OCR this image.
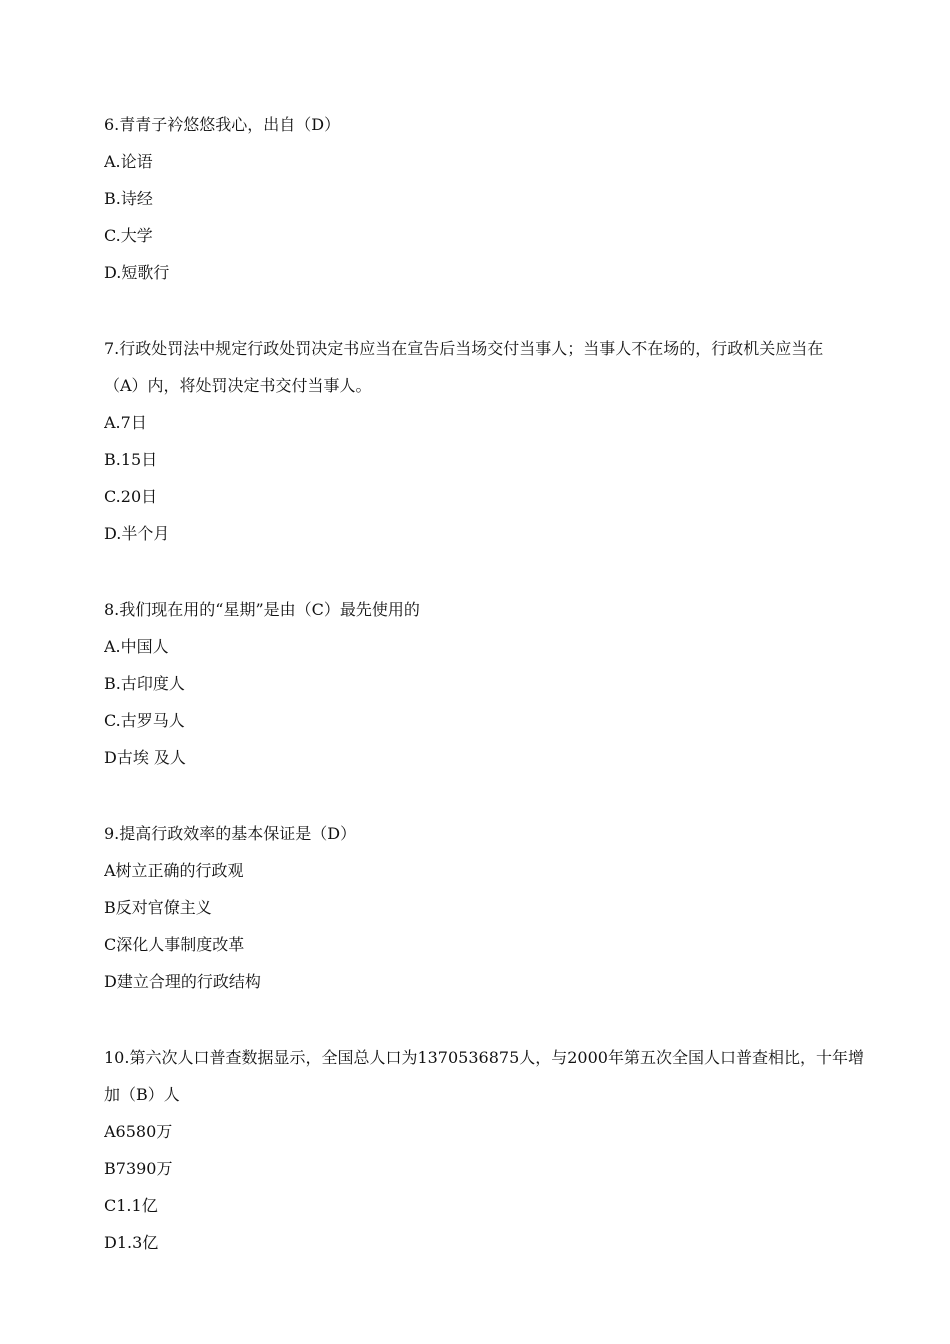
6.青青子衿悠悠我心，出自（D）
A.论语
B.诗经
C.大学
D.短歌行
7.行政处罚法中规定行政处罚决定书应当在宣告后当场交付当事人；当事人不在场的，行政机关应当在
（A）内，将处罚决定书交付当事人。
A.7日
B.15日
C.20日
D.半个月
8.我们现在用的“星期”是由（C）最先使用的
A.中国人
B.古印度人
C.古罗马人
D古埃 及人
9.提高行政效率的基本保证是（D）
A树立正确的行政观
B反对官僚主义
C深化人事制度改革
D建立合理的行政结构
10.第六次人口普查数据显示，全国总人口为1370536875人，与2000年第五次全国人口普查相比，十年增
加（B）人
A6580万
B7390万
C1.1亿
D1.3亿
